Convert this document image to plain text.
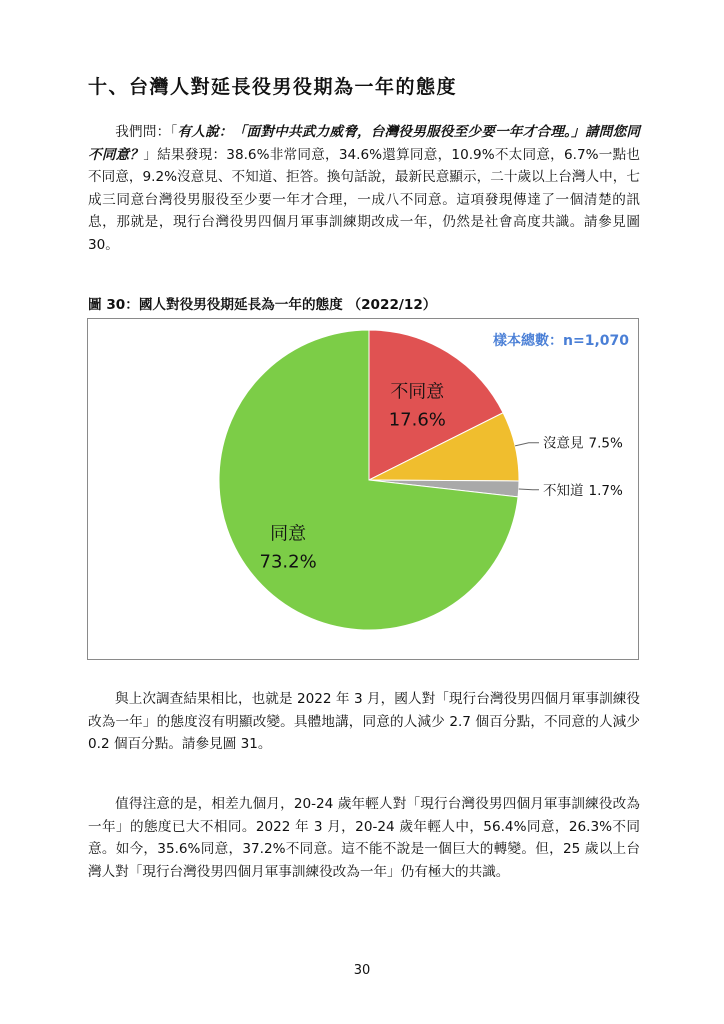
十、台灣人對延長役男役期為一年的態度

我們問：「有人說：「面對中共武力威脅，台灣役男服役至少要一年才合理。」請問您同不同意？」結果發現：38.6%非常同意，34.6%還算同意，10.9%不太同意，6.7%一點也不同意，9.2%沒意見、不知道、拒答。換句話說，最新民意顯示，二十歲以上台灣人中，七成三同意台灣役男服役至少要一年才合理，一成八不同意。這項發現傳達了一個清楚的訊息，那就是，現行台灣役男四個月軍事訓練期改成一年，仍然是社會高度共識。請參見圖 30。

圖 30：國人對役男役期延長為一年的態度 （2022/12）

樣本總數：n=1,070
不同意
17.6%
沒意見 7.5%
不知道 1.7%
同意
73.2%

與上次調查結果相比，也就是 2022 年 3 月，國人對「現行台灣役男四個月軍事訓練役改為一年」的態度沒有明顯改變。具體地講，同意的人減少 2.7 個百分點，不同意的人減少 0.2 個百分點。請參見圖 31。

值得注意的是，相差九個月，20-24 歲年輕人對「現行台灣役男四個月軍事訓練役改為一年」的態度已大不相同。2022 年 3 月，20-24 歲年輕人中，56.4%同意，26.3%不同意。如今，35.6%同意，37.2%不同意。這不能不說是一個巨大的轉變。但，25 歲以上台灣人對「現行台灣役男四個月軍事訓練役改為一年」仍有極大的共識。

30
